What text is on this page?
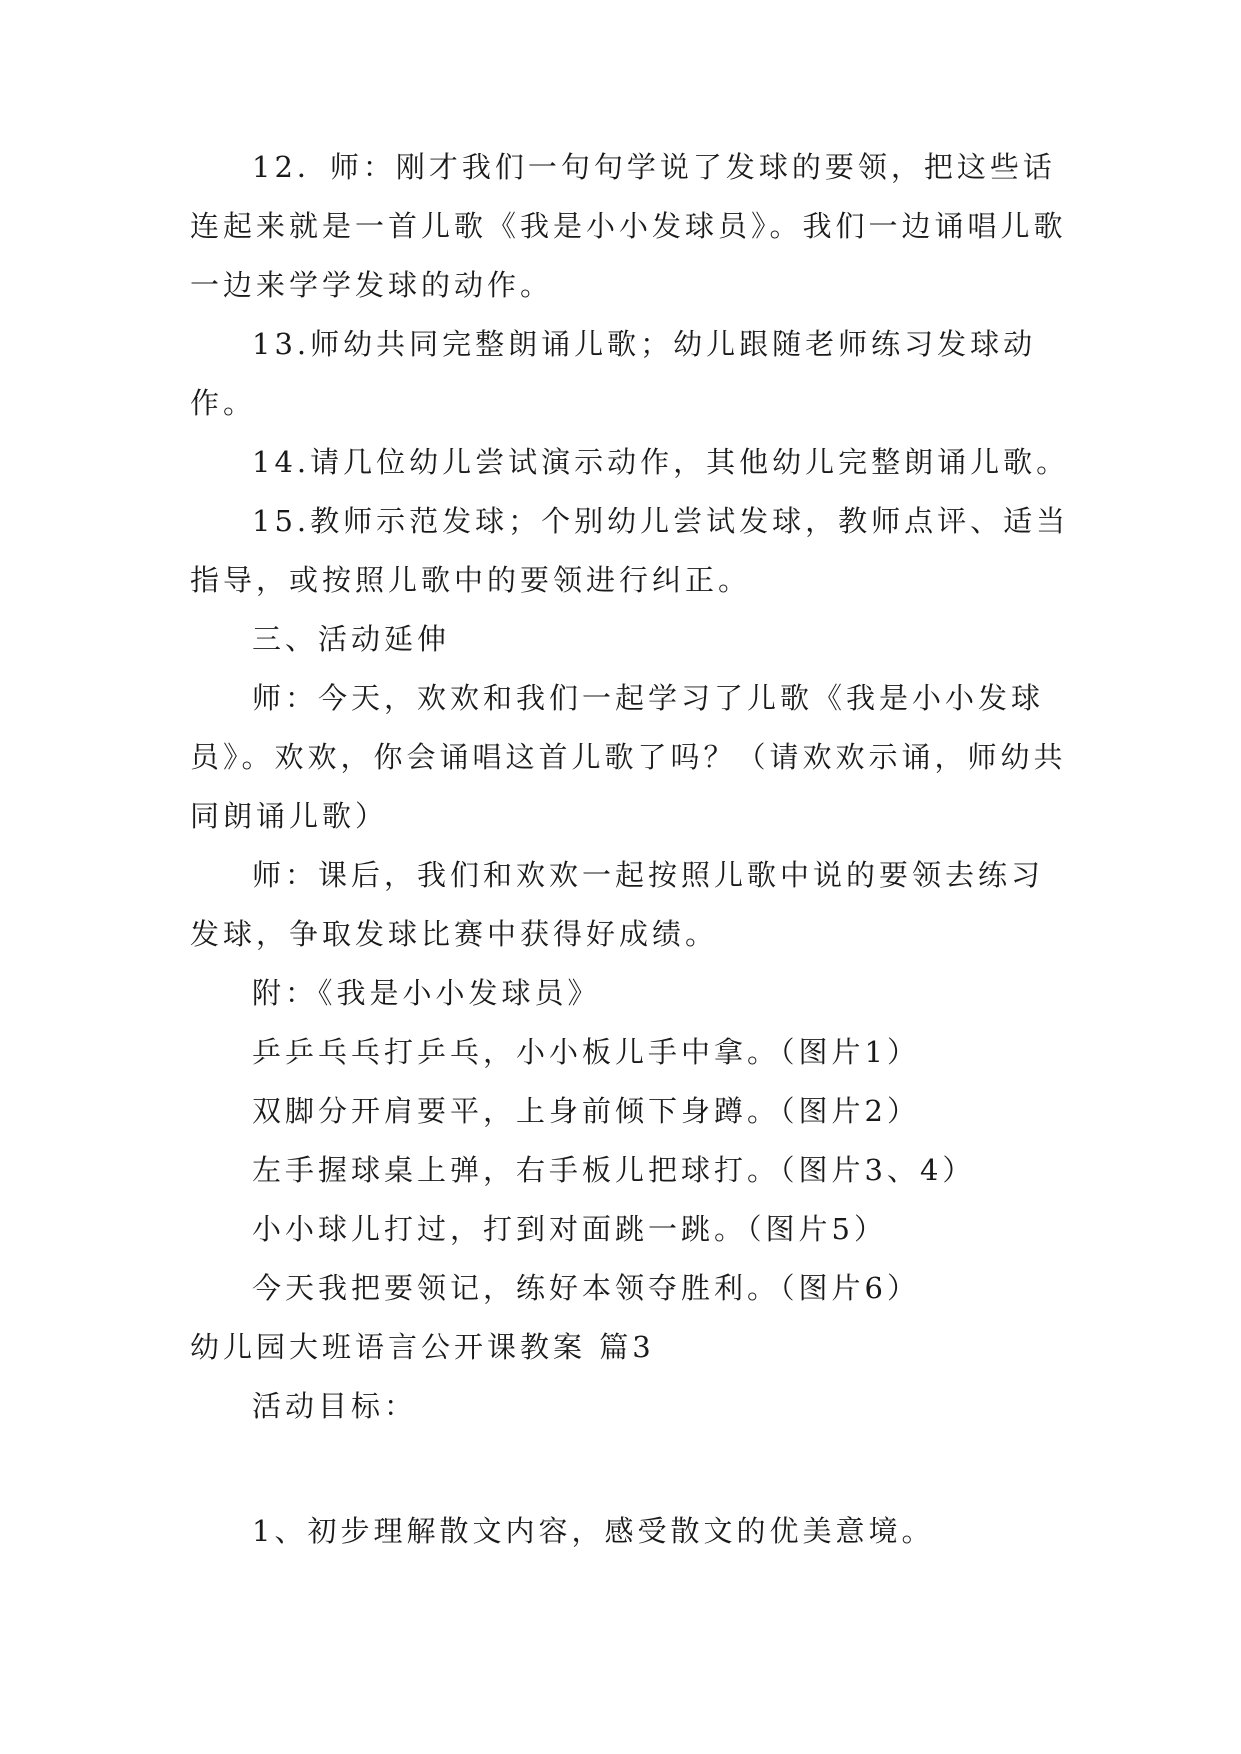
12．师：刚才我们一句句学说了发球的要领，把这些话连起来就是一首儿歌《我是小小发球员》。我们一边诵唱儿歌一边来学学发球的动作。

13.师幼共同完整朗诵儿歌；幼儿跟随老师练习发球动作。

14.请几位幼儿尝试演示动作，其他幼儿完整朗诵儿歌。

15.教师示范发球；个别幼儿尝试发球，教师点评、适当指导，或按照儿歌中的要领进行纠正。

三、活动延伸

师：今天，欢欢和我们一起学习了儿歌《我是小小发球员》。欢欢，你会诵唱这首儿歌了吗？（请欢欢示诵，师幼共同朗诵儿歌）

师：课后，我们和欢欢一起按照儿歌中说的要领去练习发球，争取发球比赛中获得好成绩。

附：《我是小小发球员》

乒乒乓乓打乒乓，小小板儿手中拿。（图片1）

双脚分开肩要平，上身前倾下身蹲。（图片2）

左手握球桌上弹，右手板儿把球打。（图片3、4）

小小球儿打过，打到对面跳一跳。（图片5）

今天我把要领记，练好本领夺胜利。（图片6）

幼儿园大班语言公开课教案 篇3

活动目标：

1、初步理解散文内容，感受散文的优美意境。
